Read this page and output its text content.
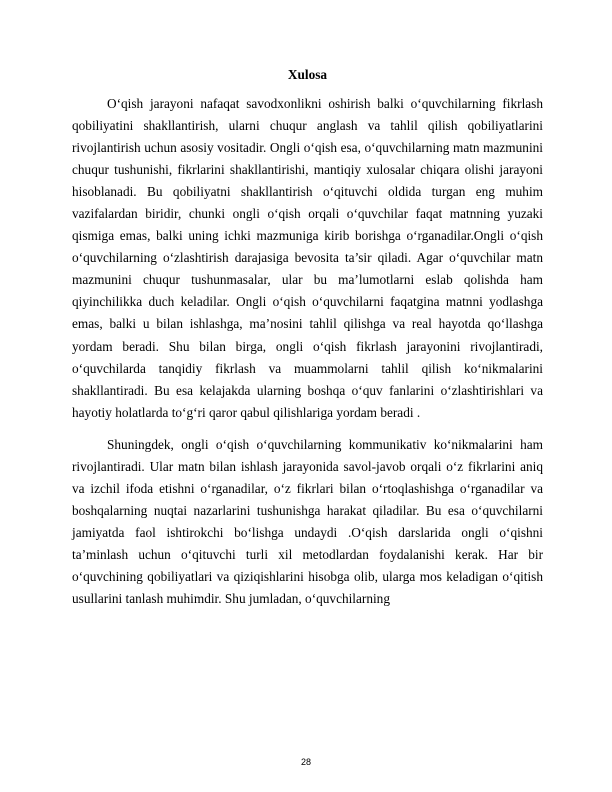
Xulosa

O‘qish jarayoni nafaqat savodxonlikni oshirish balki o‘quvchilarning fikrlash qobiliyatini shakllantirish, ularni chuqur anglash va tahlil qilish qobiliyatlarini rivojlantirish uchun asosiy vositadir. Ongli o‘qish esa, o‘quvchilarning matn mazmunini chuqur tushunishi, fikrlarini shakllantirishi, mantiqiy xulosalar chiqara olishi jarayoni hisoblanadi. Bu qobiliyatni shakllantirish o‘qituvchi oldida turgan eng muhim vazifalardan biridir, chunki ongli o‘qish orqali o‘quvchilar faqat matnning yuzaki qismiga emas, balki uning ichki mazmuniga kirib borishga o‘rganadilar.Ongli o‘qish o‘quvchilarning o‘zlashtirish darajasiga bevosita ta’sir qiladi. Agar o‘quvchilar matn mazmunini chuqur tushunmasalar, ular bu ma’lumotlarni eslab qolishda ham qiyinchilikka duch keladilar. Ongli o‘qish o‘quvchilarni faqatgina matnni yodlashga emas, balki u bilan ishlashga, ma’nosini tahlil qilishga va real hayotda qo‘llashga yordam beradi. Shu bilan birga, ongli o‘qish fikrlash jarayonini rivojlantiradi, o‘quvchilarda tanqidiy fikrlash va muammolarni tahlil qilish ko‘nikmalarini shakllantiradi. Bu esa kelajakda ularning boshqa o‘quv fanlarini o‘zlashtirishlari va hayotiy holatlarda to‘g‘ri qaror qabul qilishlariga yordam beradi .

Shuningdek, ongli o‘qish o‘quvchilarning kommunikativ ko‘nikmalarini ham rivojlantiradi. Ular matn bilan ishlash jarayonida savol-javob orqali o‘z fikrlarini aniq va izchil ifoda etishni o‘rganadilar, o‘z fikrlari bilan o‘rtoqlashishga o‘rganadilar va boshqalarning nuqtai nazarlarini tushunishga harakat qiladilar. Bu esa o‘quvchilarni jamiyatda faol ishtirokchi bo‘lishga undaydi .O‘qish darslarida ongli o‘qishni ta’minlash uchun o‘qituvchi turli xil metodlardan foydalanishi kerak. Har bir o‘quvchining qobiliyatlari va qiziqishlarini hisobga olib, ularga mos keladigan o‘qitish usullarini tanlash muhimdir. Shu jumladan, o‘quvchilarning

28
